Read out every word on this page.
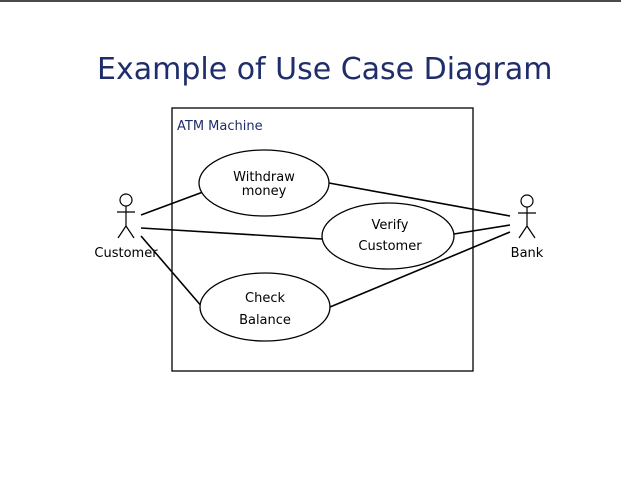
Example of Use Case Diagram
ATM Machine
Withdraw
money
Verify
Customer
Check
Balance
Customer	Bank
